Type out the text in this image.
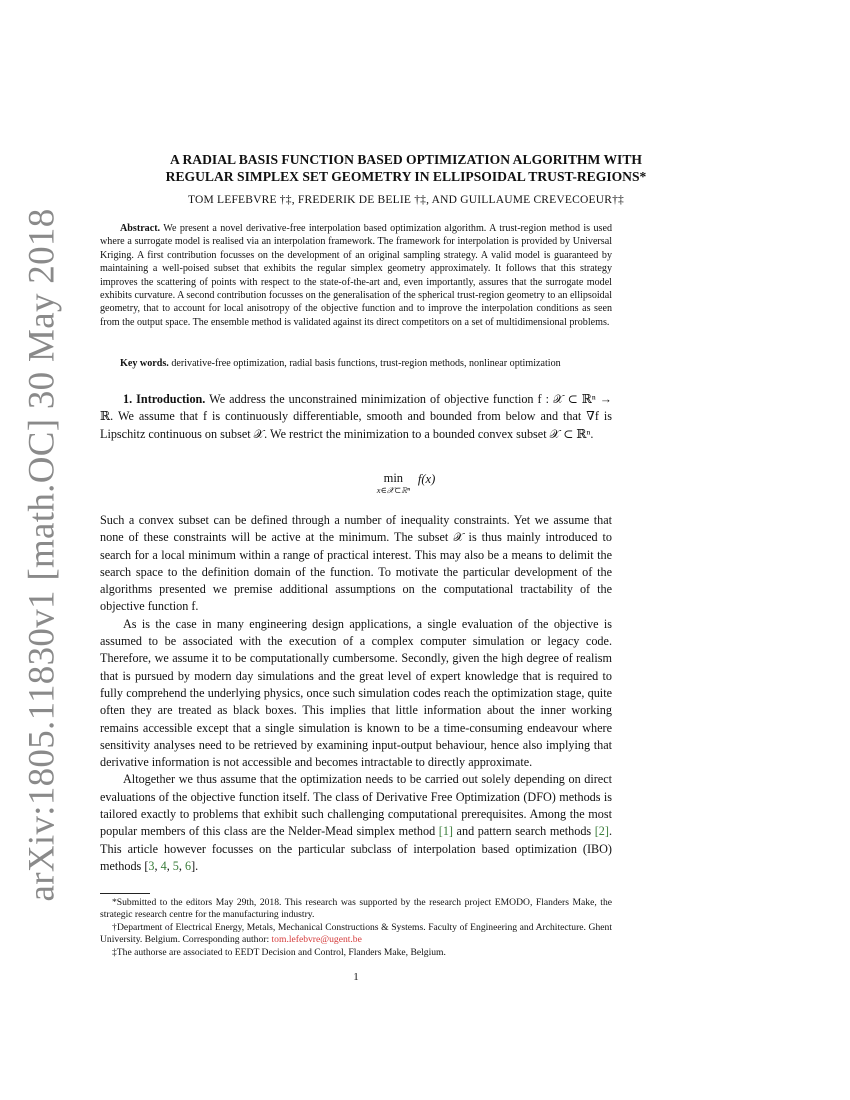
arXiv:1805.11830v1 [math.OC] 30 May 2018
A RADIAL BASIS FUNCTION BASED OPTIMIZATION ALGORITHM WITH
REGULAR SIMPLEX SET GEOMETRY IN ELLIPSOIDAL TRUST-REGIONS*
TOM LEFEBVRE †‡, FREDERIK DE BELIE †‡, AND GUILLAUME CREVECOEUR†‡
Abstract. We present a novel derivative-free interpolation based optimization algorithm. A trust-region method is used where a surrogate model is realised via an interpolation framework. The framework for interpolation is provided by Universal Kriging. A first contribution focusses on the development of an original sampling strategy. A valid model is guaranteed by maintaining a well-poised subset that exhibits the regular simplex geometry approximately. It follows that this strategy improves the scattering of points with respect to the state-of-the-art and, even importantly, assures that the surrogate model exhibits curvature. A second contribution focusses on the generalisation of the spherical trust-region geometry to an ellipsoidal geometry, that to account for local anisotropy of the objective function and to improve the interpolation conditions as seen from the output space. The ensemble method is validated against its direct competitors on a set of multidimensional problems.
Key words. derivative-free optimization, radial basis functions, trust-region methods, nonlinear optimization

1. Introduction. We address the unconstrained minimization of objective function f : 𝒳 ⊂ ℝⁿ → ℝ. We assume that f is continuously differentiable, smooth and bounded from below and that ∇f is Lipschitz continuous on subset 𝒳. We restrict the minimization to a bounded convex subset 𝒳 ⊂ ℝⁿ.

min
x∈𝒳⊂ℝⁿ
$^{f(x)}$

Such a convex subset can be defined through a number of inequality constraints. Yet we assume that none of these constraints will be active at the minimum. The subset 𝒳 is thus mainly introduced to search for a local minimum within a range of practical interest. This may also be a means to delimit the search space to the definition domain of the function. To motivate the particular development of the algorithms presented we premise additional assumptions on the computational tractability of the objective function f.

As is the case in many engineering design applications, a single evaluation of the objective is assumed to be associated with the execution of a complex computer simulation or legacy code. Therefore, we assume it to be computationally cumbersome. Secondly, given the high degree of realism that is pursued by modern day simulations and the great level of expert knowledge that is required to fully comprehend the underlying physics, once such simulation codes reach the optimization stage, quite often they are treated as black boxes. This implies that little information about the inner working remains accessible except that a single simulation is known to be a time-consuming endeavour where sensitivity analyses need to be retrieved by examining input-output behaviour, hence also implying that derivative information is not accessible and becomes intractable to directly approximate.

Altogether we thus assume that the optimization needs to be carried out solely depending on direct evaluations of the objective function itself. The class of Derivative Free Optimization (DFO) methods is tailored exactly to problems that exhibit such challenging computational prerequisites. Among the most popular members of this class are the Nelder-Mead simplex method [1] and pattern search methods [2]. This article however focusses on the particular subclass of interpolation based optimization (IBO) methods [3, 4, 5, 6].

*Submitted to the editors May 29th, 2018. This research was supported by the research project EMODO, Flanders Make, the strategic research centre for the manufacturing industry.

†Department of Electrical Energy, Metals, Mechanical Constructions & Systems. Faculty of Engineering and Architecture. Ghent University. Belgium. Corresponding author: tom.lefebvre@ugent.be

‡The authorse are associated to EEDT Decision and Control, Flanders Make, Belgium.

1
